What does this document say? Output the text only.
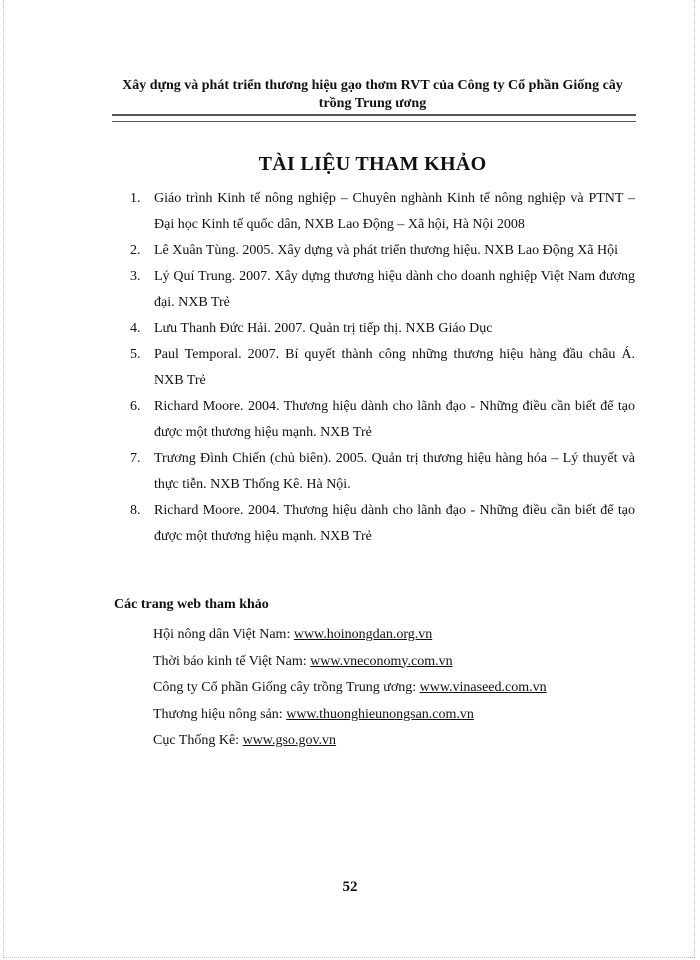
Xây dựng và phát triển thương hiệu gạo thơm RVT của Công ty Cổ phần Giống cây trồng Trung ương
TÀI LIỆU THAM KHẢO
1. Giáo trình Kinh tế nông nghiệp – Chuyên nghành Kinh tế nông nghiệp và PTNT – Đại học Kinh tế quốc dân, NXB Lao Động – Xã hội, Hà Nội 2008
2. Lê Xuân Tùng. 2005. Xây dựng và phát triển thương hiệu. NXB Lao Động Xã Hội
3. Lý Quí Trung. 2007. Xây dựng thương hiệu dành cho doanh nghiệp Việt Nam đương đại. NXB Trẻ
4. Lưu Thanh Đức Hải. 2007. Quản trị tiếp thị. NXB Giáo Dục
5. Paul Temporal. 2007. Bí quyết thành công những thương hiệu hàng đầu châu Á. NXB Trẻ
6. Richard Moore. 2004. Thương hiệu dành cho lãnh đạo - Những điều cần biết để tạo được một thương hiệu mạnh. NXB Trẻ
7. Trương Đình Chiến (chủ biên). 2005. Quản trị thương hiệu hàng hóa – Lý thuyết và thực tiễn. NXB Thống Kê. Hà Nội.
8. Richard Moore. 2004. Thương hiệu dành cho lãnh đạo - Những điều cần biết để tạo được một thương hiệu mạnh. NXB Trẻ
Các trang web tham khảo
Hội nông dân Việt Nam: www.hoinongdan.org.vn
Thời báo kinh tế Việt Nam: www.vneconomy.com.vn
Công ty Cổ phần Giống cây trồng Trung ương: www.vinaseed.com.vn
Thương hiệu nông sản: www.thuonghieunongsan.com.vn
Cục Thống Kê: www.gso.gov.vn
52
